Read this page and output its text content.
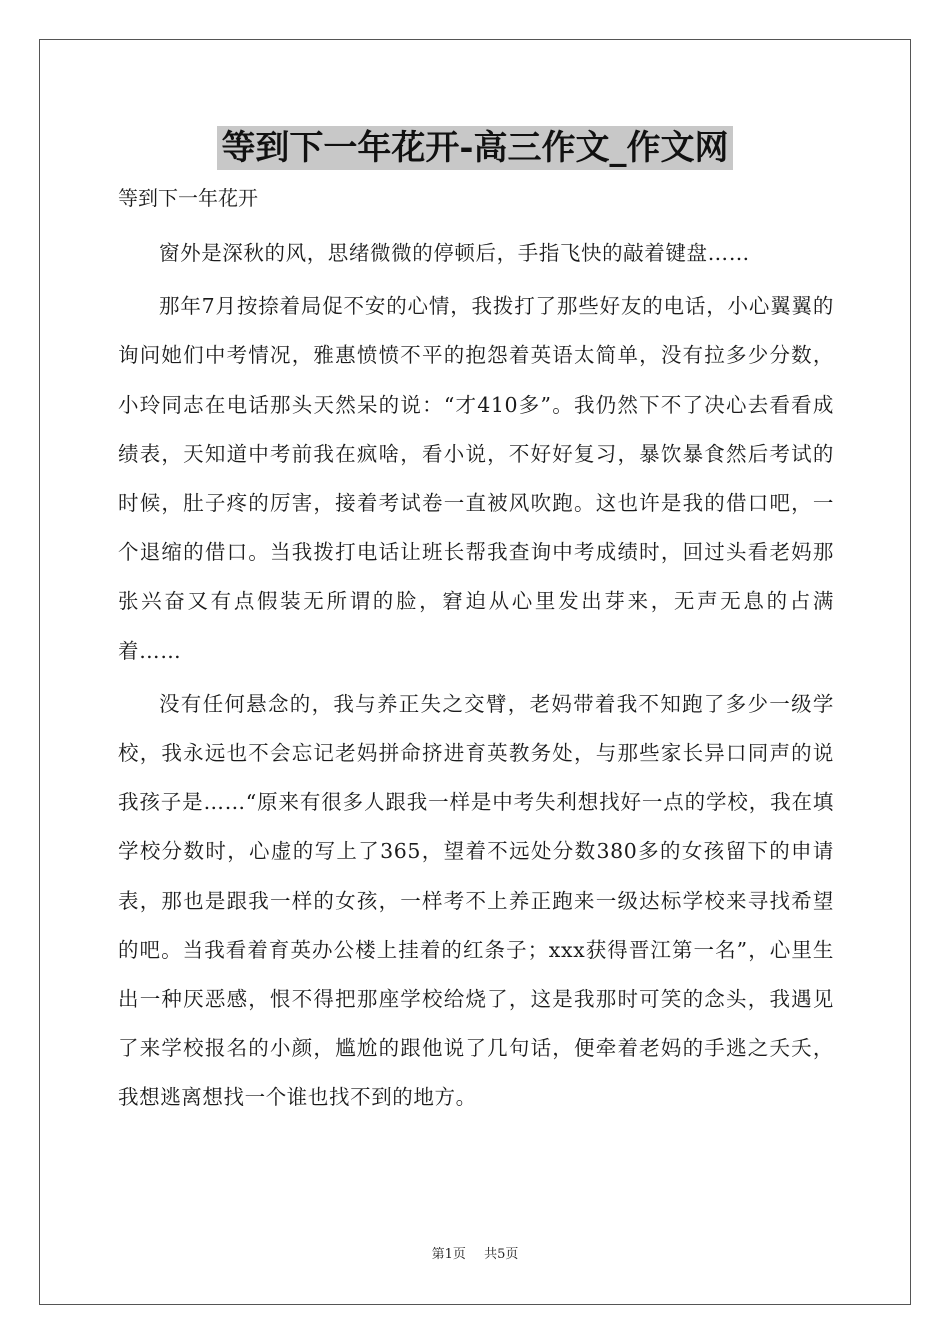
等到下一年花开-高三作文_作文网
等到下一年花开

窗外是深秋的风，思绪微微的停顿后，手指飞快的敲着键盘……

那年7月按捺着局促不安的心情，我拨打了那些好友的电话，小心翼翼的询问她们中考情况，雅惠愤愤不平的抱怨着英语太简单，没有拉多少分数，小玲同志在电话那头天然呆的说：“才410多”。我仍然下不了决心去看看成绩表，天知道中考前我在疯啥，看小说，不好好复习，暴饮暴食然后考试的时候，肚子疼的厉害，接着考试卷一直被风吹跑。这也许是我的借口吧，一个退缩的借口。当我拨打电话让班长帮我查询中考成绩时，回过头看老妈那张兴奋又有点假装无所谓的脸，窘迫从心里发出芽来，无声无息的占满着……

没有任何悬念的，我与养正失之交臂，老妈带着我不知跑了多少一级学校，我永远也不会忘记老妈拼命挤进育英教务处，与那些家长异口同声的说我孩子是……“原来有很多人跟我一样是中考失利想找好一点的学校，我在填学校分数时，心虚的写上了365，望着不远处分数380多的女孩留下的申请表，那也是跟我一样的女孩，一样考不上养正跑来一级达标学校来寻找希望的吧。当我看着育英办公楼上挂着的红条子；xxx获得晋江第一名”，心里生出一种厌恶感，恨不得把那座学校给烧了，这是我那时可笑的念头，我遇见了来学校报名的小颜，尴尬的跟他说了几句话，便牵着老妈的手逃之夭夭，我想逃离想找一个谁也找不到的地方。

第1页 共5页
